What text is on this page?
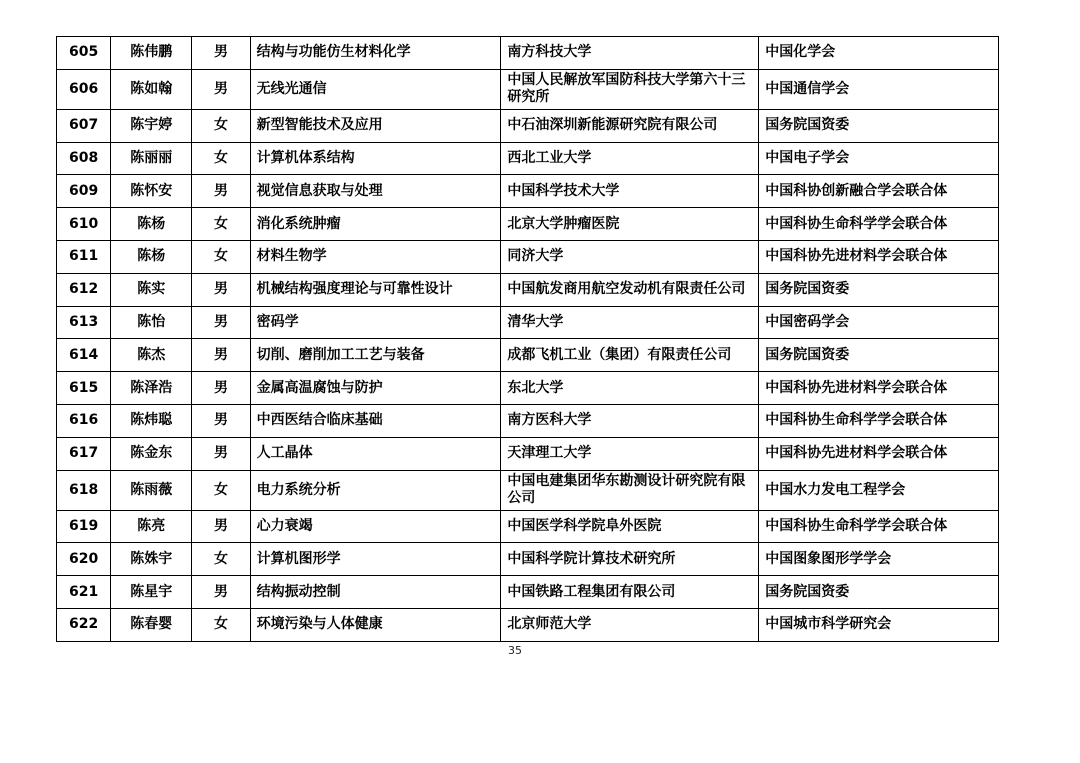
605	陈伟鹏	男	结构与功能仿生材料化学	南方科技大学	中国化学会
606	陈如翰	男	无线光通信	中国人民解放军国防科技大学第六十三研究所	中国通信学会
607	陈宇婷	女	新型智能技术及应用	中石油深圳新能源研究院有限公司	国务院国资委
608	陈丽丽	女	计算机体系结构	西北工业大学	中国电子学会
609	陈怀安	男	视觉信息获取与处理	中国科学技术大学	中国科协创新融合学会联合体
610	陈杨	女	消化系统肿瘤	北京大学肿瘤医院	中国科协生命科学学会联合体
611	陈杨	女	材料生物学	同济大学	中国科协先进材料学会联合体
612	陈实	男	机械结构强度理论与可靠性设计	中国航发商用航空发动机有限责任公司	国务院国资委
613	陈怡	男	密码学	清华大学	中国密码学会
614	陈杰	男	切削、磨削加工工艺与装备	成都飞机工业（集团）有限责任公司	国务院国资委
615	陈泽浩	男	金属高温腐蚀与防护	东北大学	中国科协先进材料学会联合体
616	陈炜聪	男	中西医结合临床基础	南方医科大学	中国科协生命科学学会联合体
617	陈金东	男	人工晶体	天津理工大学	中国科协先进材料学会联合体
618	陈雨薇	女	电力系统分析	中国电建集团华东勘测设计研究院有限公司	中国水力发电工程学会
619	陈亮	男	心力衰竭	中国医学科学院阜外医院	中国科协生命科学学会联合体
620	陈姝宇	女	计算机图形学	中国科学院计算技术研究所	中国图象图形学学会
621	陈星宇	男	结构振动控制	中国铁路工程集团有限公司	国务院国资委
622	陈春婴	女	环境污染与人体健康	北京师范大学	中国城市科学研究会
35
